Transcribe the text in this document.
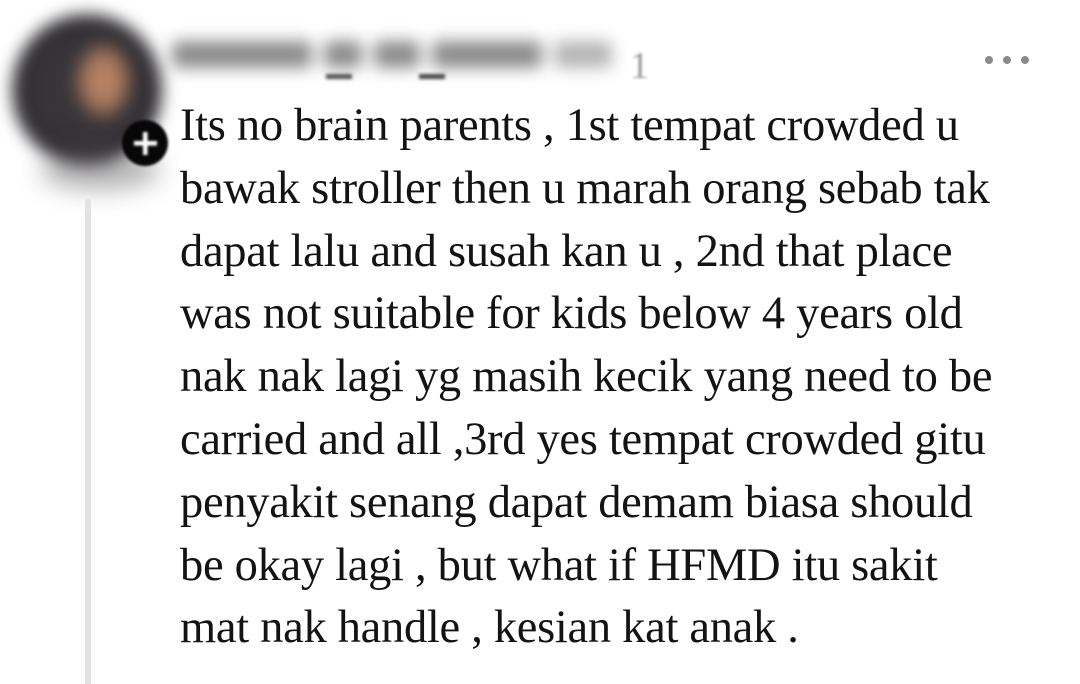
1
Its no brain parents , 1st tempat crowded u
bawak stroller then u marah orang sebab tak
dapat lalu and susah kan u , 2nd that place
was not suitable for kids below 4 years old
nak nak lagi yg masih kecik yang need to be
carried and all ,3rd yes tempat crowded gitu
penyakit senang dapat demam biasa should
be okay lagi , but what if HFMD itu sakit
mat nak handle , kesian kat anak .
